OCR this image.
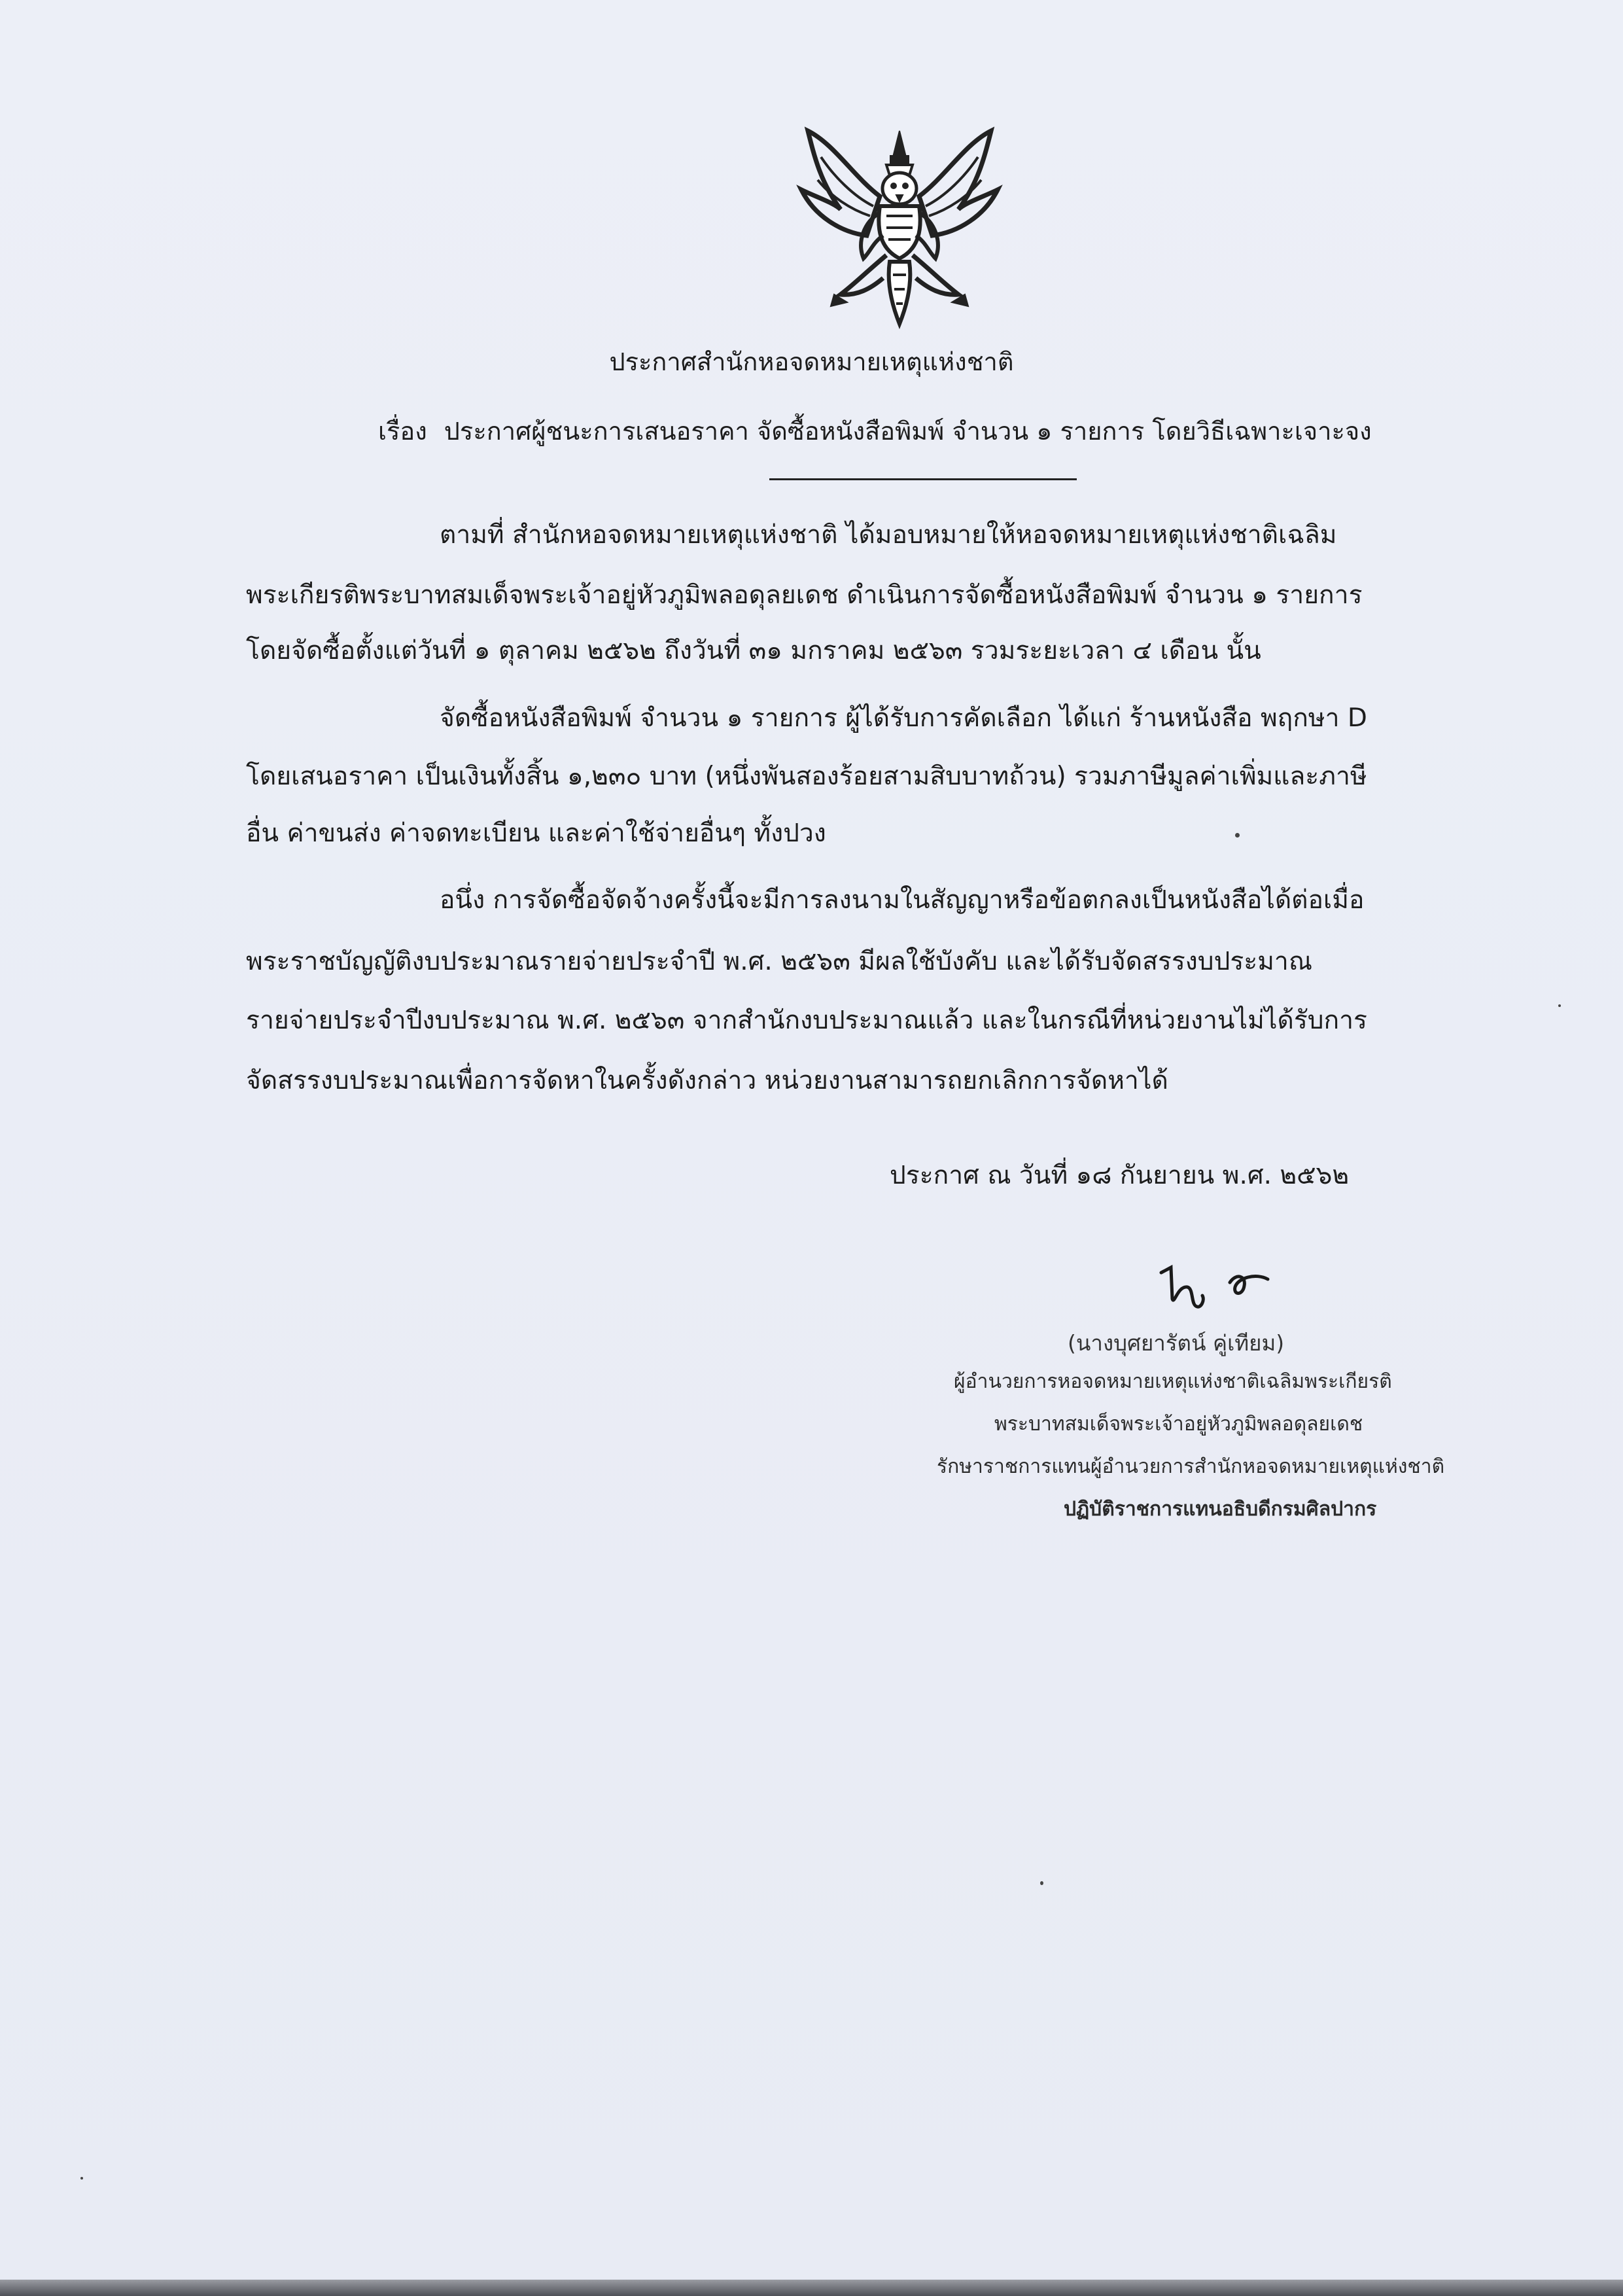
ประกาศสำนักหอจดหมายเหตุแห่งชาติ
เรื่อง ประกาศผู้ชนะการเสนอราคา จัดซื้อหนังสือพิมพ์ จำนวน ๑ รายการ โดยวิธีเฉพาะเจาะจง
ตามที่ สำนักหอจดหมายเหตุแห่งชาติ ได้มอบหมายให้หอจดหมายเหตุแห่งชาติเฉลิม
พระเกียรติพระบาทสมเด็จพระเจ้าอยู่หัวภูมิพลอดุลยเดช ดำเนินการจัดซื้อหนังสือพิมพ์ จำนวน ๑ รายการ
โดยจัดซื้อตั้งแต่วันที่ ๑ ตุลาคม ๒๕๖๒ ถึงวันที่ ๓๑ มกราคม ๒๕๖๓ รวมระยะเวลา ๔ เดือน นั้น
จัดซื้อหนังสือพิมพ์ จำนวน ๑ รายการ ผู้ได้รับการคัดเลือก ได้แก่ ร้านหนังสือ พฤกษา D
โดยเสนอราคา เป็นเงินทั้งสิ้น ๑,๒๓๐ บาท (หนึ่งพันสองร้อยสามสิบบาทถ้วน) รวมภาษีมูลค่าเพิ่มและภาษี
อื่น ค่าขนส่ง ค่าจดทะเบียน และค่าใช้จ่ายอื่นๆ ทั้งปวง
อนึ่ง การจัดซื้อจัดจ้างครั้งนี้จะมีการลงนามในสัญญาหรือข้อตกลงเป็นหนังสือได้ต่อเมื่อ
พระราชบัญญัติงบประมาณรายจ่ายประจำปี พ.ศ. ๒๕๖๓ มีผลใช้บังคับ และได้รับจัดสรรงบประมาณ
รายจ่ายประจำปีงบประมาณ พ.ศ. ๒๕๖๓ จากสำนักงบประมาณแล้ว และในกรณีที่หน่วยงานไม่ได้รับการ
จัดสรรงบประมาณเพื่อการจัดหาในครั้งดังกล่าว หน่วยงานสามารถยกเลิกการจัดหาได้
ประกาศ ณ วันที่ ๑๘ กันยายน พ.ศ. ๒๕๖๒
(นางบุศยารัตน์ คู่เทียม)
ผู้อำนวยการหอจดหมายเหตุแห่งชาติเฉลิมพระเกียรติ
พระบาทสมเด็จพระเจ้าอยู่หัวภูมิพลอดุลยเดช
รักษาราชการแทนผู้อำนวยการสำนักหอจดหมายเหตุแห่งชาติ
ปฏิบัติราชการแทนอธิบดีกรมศิลปากร
